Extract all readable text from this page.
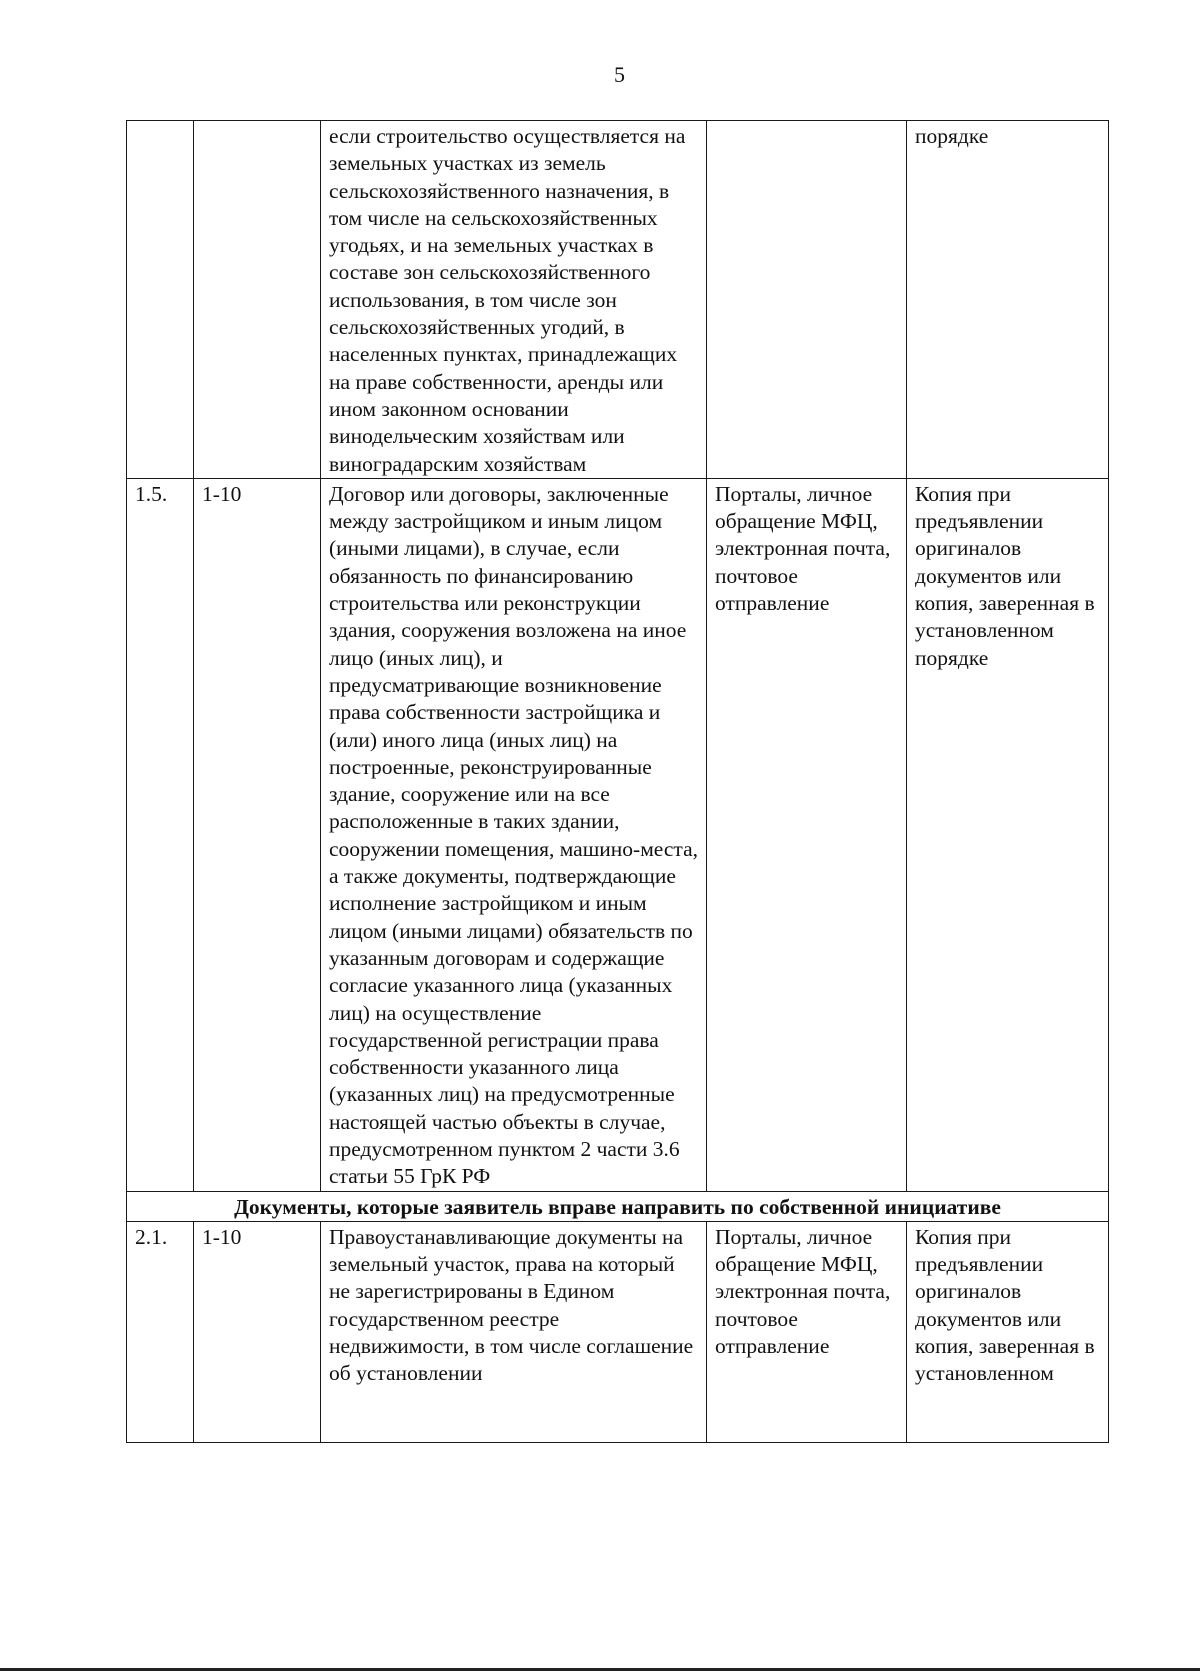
5
		если строительство осуществляется на земельных участках из земель сельскохозяйственного назначения, в том числе на сельскохозяйственных угодьях, и на земельных участках в составе зон сельскохозяйственного использования, в том числе зон сельскохозяйственных угодий, в населенных пунктах, принадлежащих на праве собственности, аренды или ином законном основании винодельческим хозяйствам или виноградарским хозяйствам		порядке
1.5.	1-10	Договор или договоры, заключенные между застройщиком и иным лицом (иными лицами), в случае, если обязанность по финансированию строительства или реконструкции здания, сооружения возложена на иное лицо (иных лиц), и предусматривающие возникновение права собственности застройщика и (или) иного лица (иных лиц) на построенные, реконструированные здание, сооружение или на все расположенные в таких здании, сооружении помещения, машино-места, а также документы, подтверждающие исполнение застройщиком и иным лицом (иными лицами) обязательств по указанным договорам и содержащие согласие указанного лица (указанных лиц) на осуществление государственной регистрации права собственности указанного лица (указанных лиц) на предусмотренные настоящей частью объекты в случае, предусмотренном пунктом 2 части 3.6 статьи 55 ГрК РФ	Порталы, личное обращение МФЦ, электронная почта, почтовое отправление	Копия при предъявлении оригиналов документов или копия, заверенная в установленном порядке
Документы, которые заявитель вправе направить по собственной инициативе				
2.1.	1-10	Правоустанавливающие документы на земельный участок, права на который не зарегистрированы в Едином государственном реестре недвижимости, в том числе соглашение об установлении	Порталы, личное обращение МФЦ, электронная почта, почтовое отправление	Копия при предъявлении оригиналов документов или копия, заверенная в установленном
